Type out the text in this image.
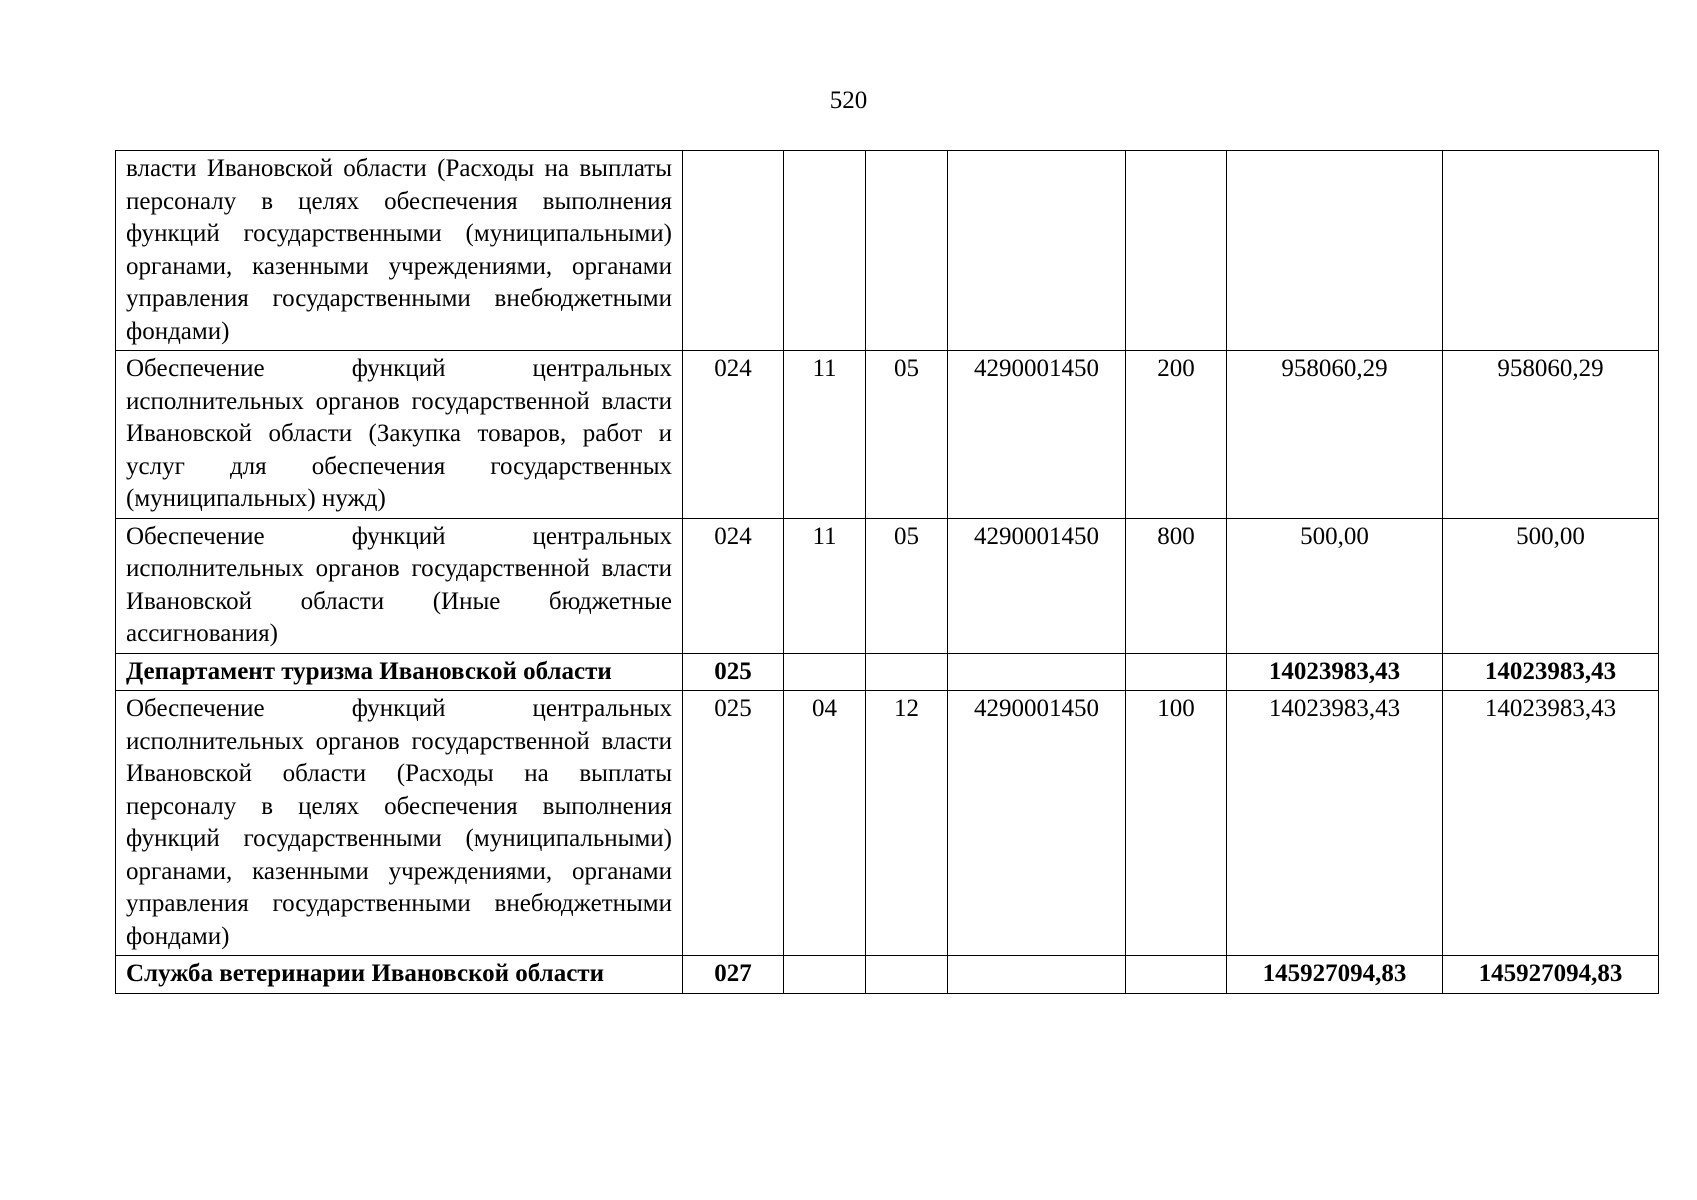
520
власти Ивановской области (Расходы на выплаты персоналу в целях обеспечения выполнения функций государственными (муниципальными) органами, казенными учреждениями, органами управления государственными внебюджетными фондами)							
Обеспечение функций центральных исполнительных органов государственной власти Ивановской области (Закупка товаров, работ и услуг для обеспечения государственных (муниципальных) нужд)	024	11	05	4290001450	200	958060,29	958060,29
Обеспечение функций центральных исполнительных органов государственной власти Ивановской области (Иные бюджетные ассигнования)	024	11	05	4290001450	800	500,00	500,00
Департамент туризма Ивановской области	025					14023983,43	14023983,43
Обеспечение функций центральных исполнительных органов государственной власти Ивановской области (Расходы на выплаты персоналу в целях обеспечения выполнения функций государственными (муниципальными) органами, казенными учреждениями, органами управления государственными внебюджетными фондами)	025	04	12	4290001450	100	14023983,43	14023983,43
Служба ветеринарии Ивановской области	027					145927094,83	145927094,83
